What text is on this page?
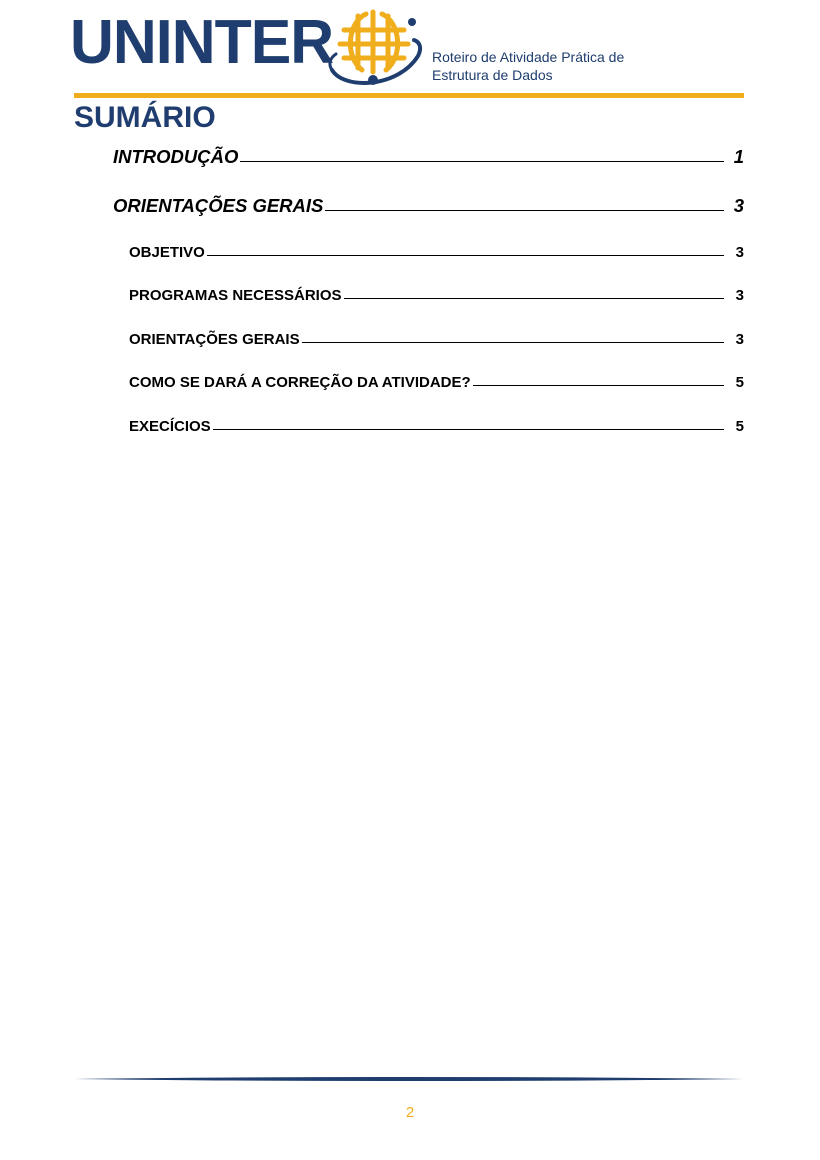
UNINTER	Roteiro de Atividade Prática de
Estrutura de Dados
SUMÁRIO
INTRODUÇÃO	1
ORIENTAÇÕES GERAIS	3
OBJETIVO	3
PROGRAMAS NECESSÁRIOS	3
ORIENTAÇÕES GERAIS	3
COMO SE DARÁ A CORREÇÃO DA ATIVIDADE?	5
EXECÍCIOS	5
2
